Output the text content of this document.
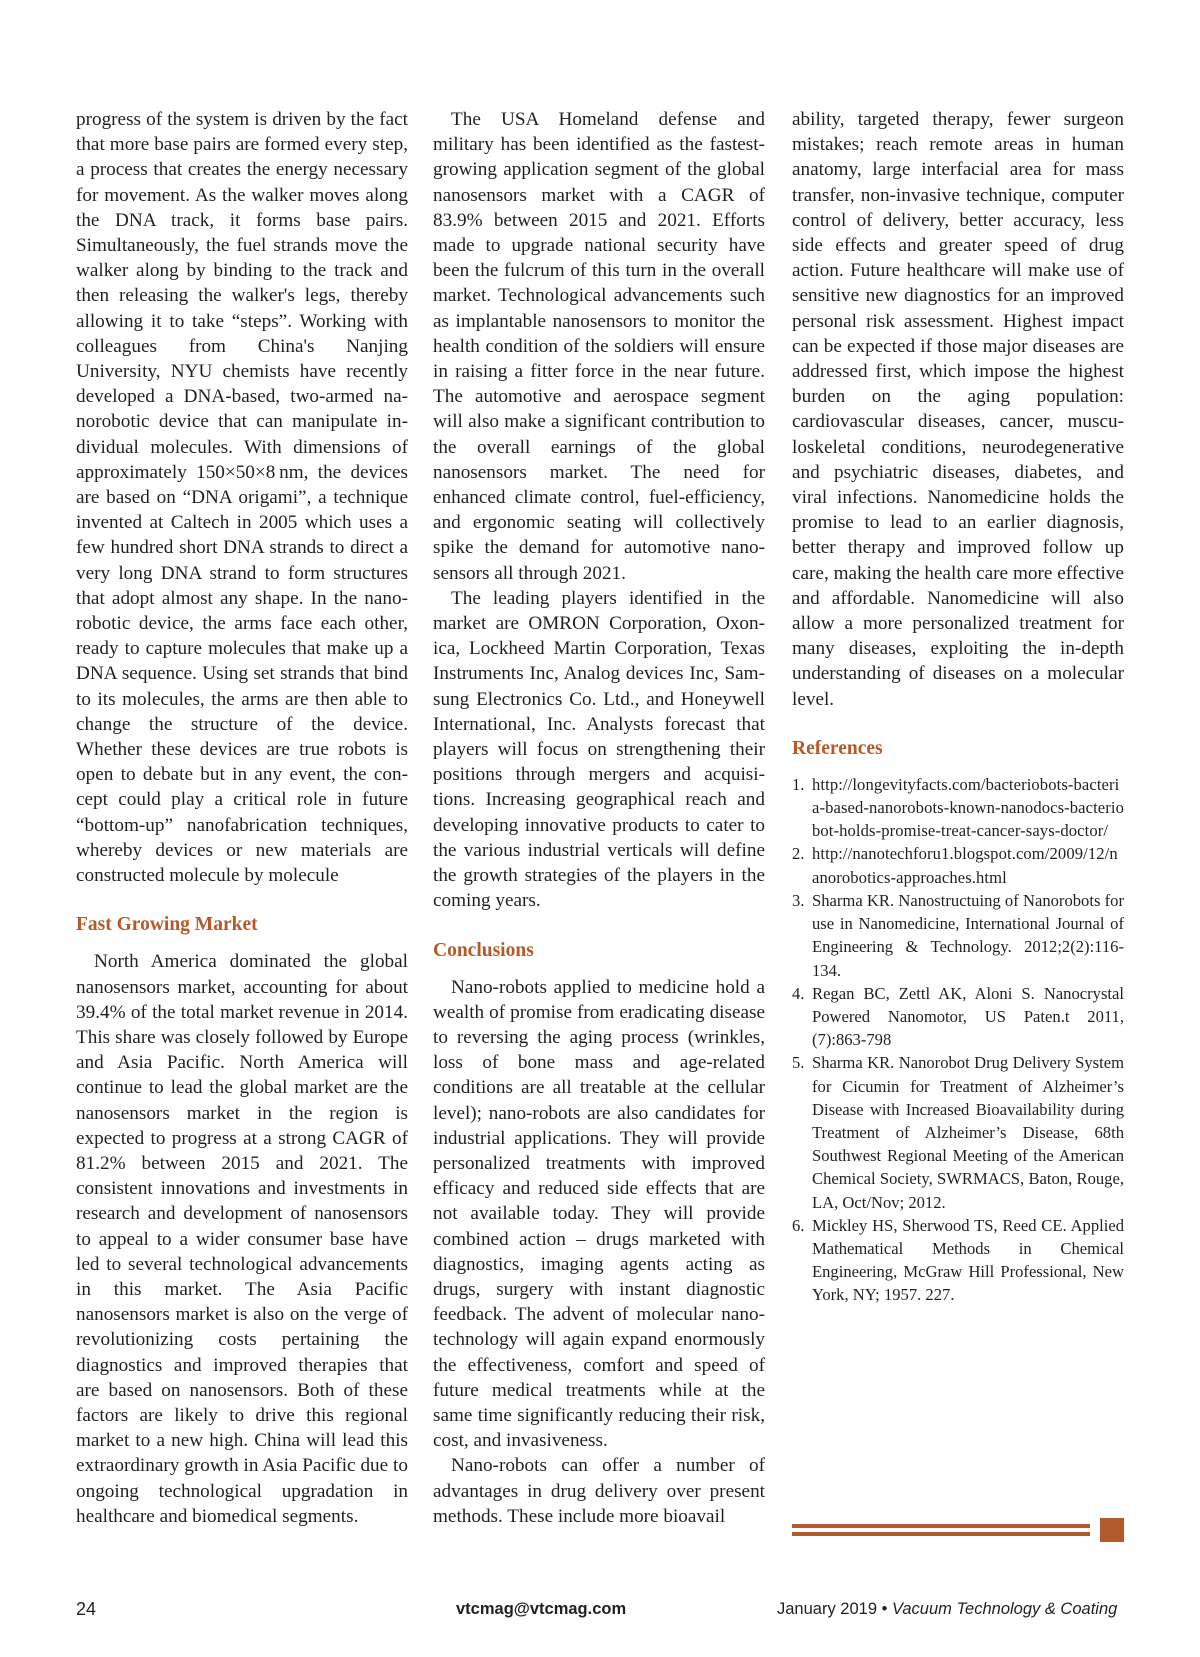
progress of the system is driven by the fact that more base pairs are formed every step, a process that creates the energy necessary for movement. As the walker moves along the DNA track, it forms base pairs. Simultaneously, the fuel strands move the walker along by binding to the track and then releasing the walker's legs, thereby allowing it to take “steps”. Working with colleagues from China's Nanjing University, NYU chemists have recently developed a DNA-based, two-armed nanorobotic device that can manipulate individual molecules. With dimensions of approximately 150×50×8 nm, the devices are based on “DNA origami”, a technique invented at Caltech in 2005 which uses a few hundred short DNA strands to direct a very long DNA strand to form structures that adopt almost any shape. In the nanorobotic device, the arms face each other, ready to capture molecules that make up a DNA sequence. Using set strands that bind to its molecules, the arms are then able to change the structure of the device. Whether these devices are true robots is open to debate but in any event, the concept could play a critical role in future “bottom-up” nanofabrication techniques, whereby devices or new materials are constructed molecule by molecule

Fast Growing Market

North America dominated the global nanosensors market, accounting for about 39.4% of the total market revenue in 2014. This share was closely followed by Europe and Asia Pacific. North America will continue to lead the global market are the nanosensors market in the region is expected to progress at a strong CAGR of 81.2% between 2015 and 2021. The consistent innovations and investments in research and development of nanosensors to appeal to a wider consumer base have led to several technological advancements in this market. The Asia Pacific nanosensors market is also on the verge of revolutionizing costs pertaining the diagnostics and improved therapies that are based on nanosensors. Both of these factors are likely to drive this regional market to a new high. China will lead this extraordinary growth in Asia Pacific due to ongoing technological upgradation in healthcare and biomedical segments.

The USA Homeland defense and military has been identified as the fastest-growing application segment of the global nanosensors market with a CAGR of 83.9% between 2015 and 2021. Efforts made to upgrade national security have been the fulcrum of this turn in the overall market. Technological advancements such as implantable nanosensors to monitor the health condition of the soldiers will ensure in raising a fitter force in the near future. The automotive and aerospace segment will also make a significant contribution to the overall earnings of the global nanosensors market. The need for enhanced climate control, fuel-efficiency, and ergonomic seating will collectively spike the demand for automotive nanosensors all through 2021.

The leading players identified in the market are OMRON Corporation, Oxonica, Lockheed Martin Corporation, Texas Instruments Inc, Analog devices Inc, Samsung Electronics Co. Ltd., and Honeywell International, Inc. Analysts forecast that players will focus on strengthening their positions through mergers and acquisitions. Increasing geographical reach and developing innovative products to cater to the various industrial verticals will define the growth strategies of the players in the coming years.

Conclusions

Nano-robots applied to medicine hold a wealth of promise from eradicating disease to reversing the aging process (wrinkles, loss of bone mass and age-related conditions are all treatable at the cellular level); nano-robots are also candidates for industrial applications. They will provide personalized treatments with improved efficacy and reduced side effects that are not available today. They will provide combined action – drugs marketed with diagnostics, imaging agents acting as drugs, surgery with instant diagnostic feedback. The advent of molecular nanotechnology will again expand enormously the effectiveness, comfort and speed of future medical treatments while at the same time significantly reducing their risk, cost, and invasiveness.

Nano-robots can offer a number of advantages in drug delivery over present methods. These include more bioavail

ability, targeted therapy, fewer surgeon mistakes; reach remote areas in human anatomy, large interfacial area for mass transfer, non-invasive technique, computer control of delivery, better accuracy, less side effects and greater speed of drug action. Future healthcare will make use of sensitive new diagnostics for an improved personal risk assessment. Highest impact can be expected if those major diseases are addressed first, which impose the highest burden on the aging population: cardiovascular diseases, cancer, musculoskeletal conditions, neurodegenerative and psychiatric diseases, diabetes, and viral infections. Nanomedicine holds the promise to lead to an earlier diagnosis, better therapy and improved follow up care, making the health care more effective and affordable. Nanomedicine will also allow a more personalized treatment for many diseases, exploiting the in-depth understanding of diseases on a molecular level.

References

1. http://longevityfacts.com/bacteriobots-bacteria-based-nanorobots-known-nanodocs-bacteriobot-holds-promise-treat-cancer-says-doctor/
2. http://nanotechforu1.blogspot.com/2009/12/nanorobotics-approaches.html
3. Sharma KR. Nanostructuing of Nanorobots for use in Nanomedicine, International Journal of Engineering & Technology. 2012;2(2):116-134.
4. Regan BC, Zettl AK, Aloni S. Nanocrystal Powered Nanomotor, US Paten.t 2011, (7):863-798
5. Sharma KR. Nanorobot Drug Delivery System for Cicumin for Treatment of Alzheimer’s Disease with Increased Bioavailability during Treatment of Alzheimer’s Disease, 68th Southwest Regional Meeting of the American Chemical Society, SWRMACS, Baton, Rouge, LA, Oct/Nov; 2012.
6. Mickley HS, Sherwood TS, Reed CE. Applied Mathematical Methods in Chemical Engineering, McGraw Hill Professional, New York, NY; 1957. 227.
24	vtcmag@vtcmag.com	January 2019 • Vacuum Technology & Coating
